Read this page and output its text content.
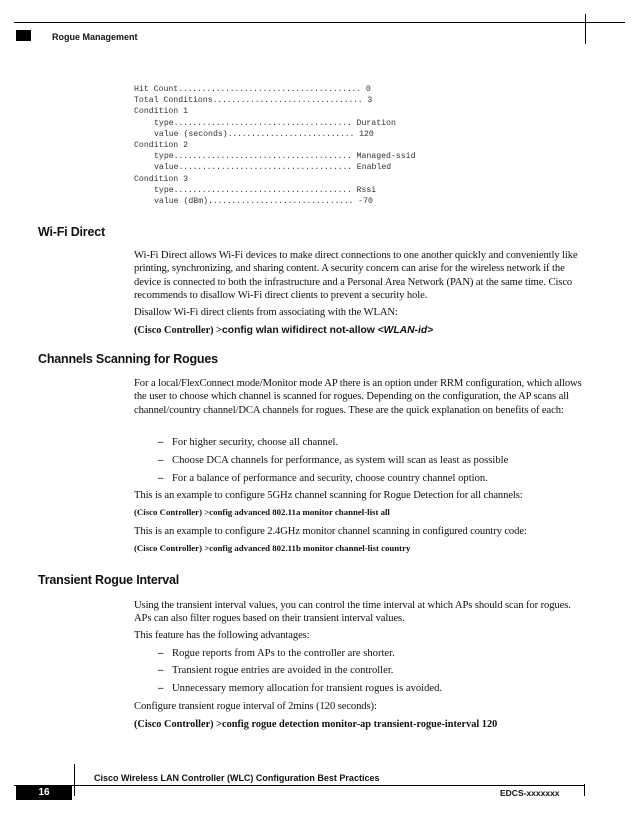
Rogue Management
Hit Count....................................... 0
Total Conditions................................ 3
Condition 1
type...................................... Duration
value (seconds)........................... 120
Condition 2
type...................................... Managed-ssid
value..................................... Enabled
Condition 3
type...................................... Rssi
value (dBm)............................... -70
Wi-Fi Direct

Wi-Fi Direct allows Wi-Fi devices to make direct connections to one another quickly and conveniently like printing, synchronizing, and sharing content. A security concern can arise for the wireless network if the device is connected to both the infrastructure and a Personal Area Network (PAN) at the same time. Cisco recommends to disallow Wi-Fi direct clients to prevent a security hole.

Disallow Wi-Fi direct clients from associating with the WLAN:

(Cisco Controller) >config wlan wifidirect not-allow <WLAN-id>

Channels Scanning for Rogues

For a local/FlexConnect mode/Monitor mode AP there is an option under RRM configuration, which allows the user to choose which channel is scanned for rogues. Depending on the configuration, the AP scans all channel/country channel/DCA channels for rogues. These are the quick explanation on benefits of each:

– For higher security, choose all channel.

– Choose DCA channels for performance, as system will scan as least as possible

– For a balance of performance and security, choose country channel option.

This is an example to configure 5GHz channel scanning for Rogue Detection for all channels:

(Cisco Controller) >config advanced 802.11a monitor channel-list all

This is an example to configure 2.4GHz monitor channel scanning in configured country code:

(Cisco Controller) >config advanced 802.11b monitor channel-list country

Transient Rogue Interval

Using the transient interval values, you can control the time interval at which APs should scan for rogues. APs can also filter rogues based on their transient interval values.

This feature has the following advantages:

– Rogue reports from APs to the controller are shorter.

– Transient rogue entries are avoided in the controller.

– Unnecessary memory allocation for transient rogues is avoided.

Configure transient rogue interval of 2mins (120 seconds):

(Cisco Controller) >config rogue detection monitor-ap transient-rogue-interval 120

Cisco Wireless LAN Controller (WLC) Configuration Best Practices
16	EDCS-xxxxxxx
